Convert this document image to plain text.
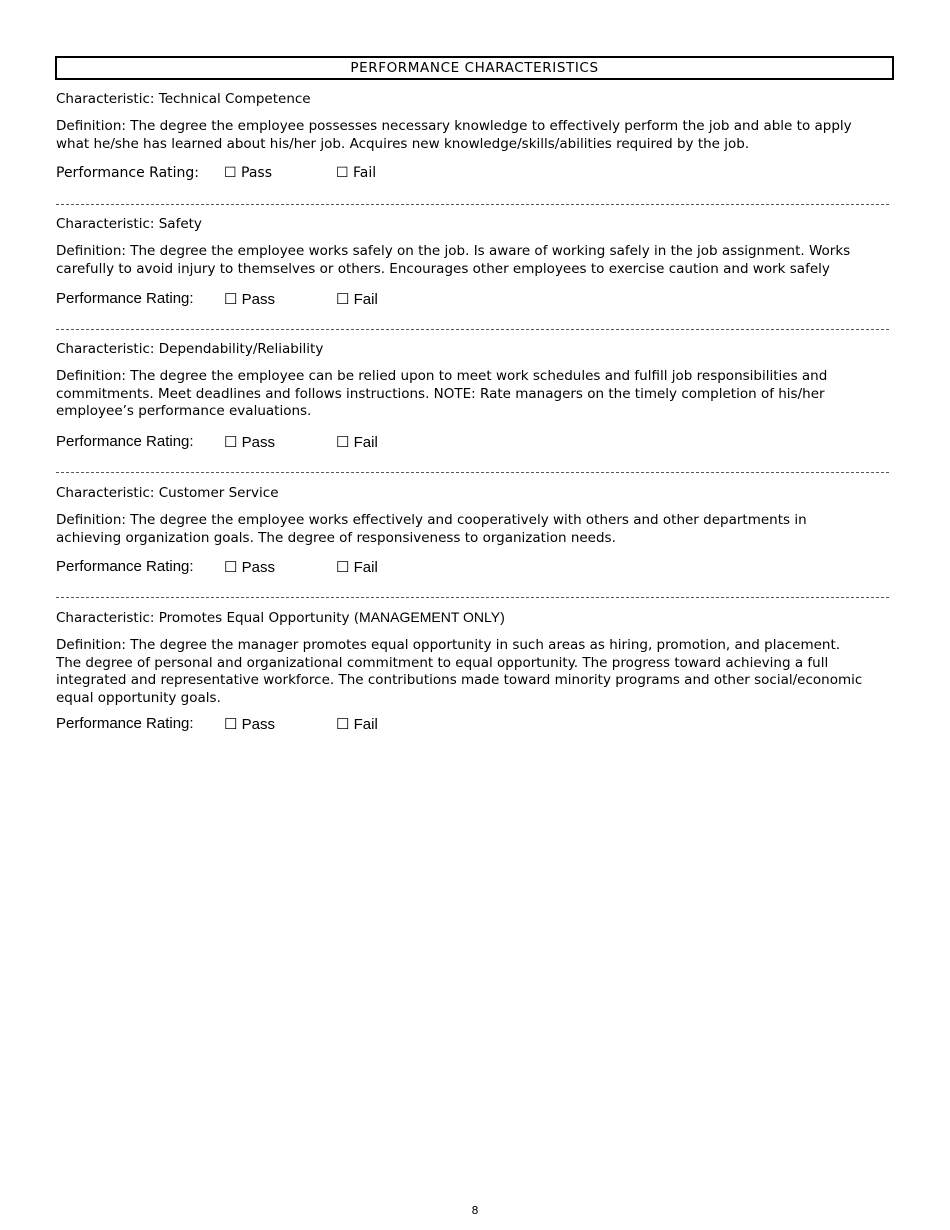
PERFORMANCE CHARACTERISTICS
Characteristic: Technical Competence
Definition: The degree the employee possesses necessary knowledge to effectively perform the job and able to apply
what he/she has learned about his/her job. Acquires new knowledge/skills/abilities required by the job.
Performance Rating:	☐ Pass	☐ Fail
Characteristic: Safety
Definition: The degree the employee works safely on the job. Is aware of working safely in the job assignment. Works
carefully to avoid injury to themselves or others. Encourages other employees to exercise caution and work safely
Performance Rating:	☐ Pass	☐ Fail
Characteristic: Dependability/Reliability
Definition: The degree the employee can be relied upon to meet work schedules and fulfill job responsibilities and
commitments. Meet deadlines and follows instructions. NOTE: Rate managers on the timely completion of his/her
employee’s performance evaluations.
Performance Rating:	☐ Pass	☐ Fail
Characteristic: Customer Service
Definition: The degree the employee works effectively and cooperatively with others and other departments in
achieving organization goals. The degree of responsiveness to organization needs.
Performance Rating:	☐ Pass	☐ Fail
Characteristic: Promotes Equal Opportunity (MANAGEMENT ONLY)
Definition: The degree the manager promotes equal opportunity in such areas as hiring, promotion, and placement.
The degree of personal and organizational commitment to equal opportunity. The progress toward achieving a full
integrated and representative workforce. The contributions made toward minority programs and other social/economic
equal opportunity goals.
Performance Rating:	☐ Pass	☐ Fail
8
